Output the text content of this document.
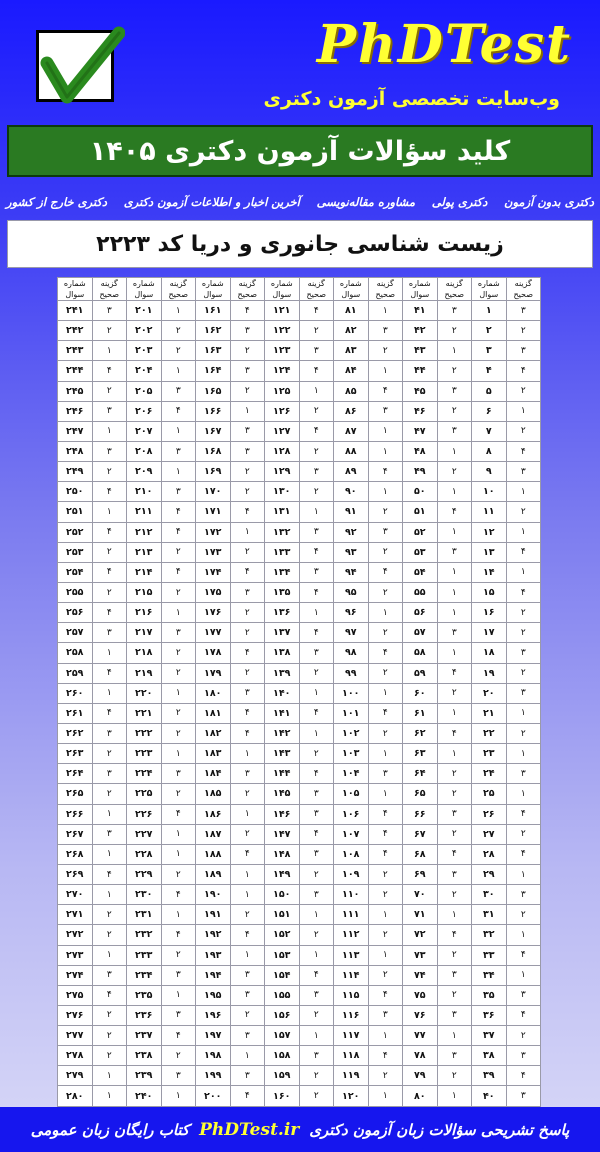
PhDTest
وب‌سایت تخصصی آزمون دکتری
کلید سؤالات آزمون دکتری ۱۴۰۵
دکتری بدون آزمون
دکتری پولی
مشاوره مقاله‌نویسی
آخرین اخبار و اطلاعات آزمون دکتری
دکتری خارج از کشور
زیست شناسی جانوری و دریا کد ۲۲۲۳
گزینه صحیح	شماره سوال	گزینه صحیح	شماره سوال	گزینه صحیح	شماره سوال	گزینه صحیح	شماره سوال	گزینه صحیح	شماره سوال	گزینه صحیح	شماره سوال	گزینه صحیح	شماره سوال
۳	۱	۳	۴۱	۱	۸۱	۴	۱۲۱	۴	۱۶۱	۱	۲۰۱	۳	۲۴۱
۲	۲	۲	۴۲	۳	۸۲	۲	۱۲۲	۳	۱۶۲	۲	۲۰۲	۲	۲۴۲
۳	۳	۱	۴۳	۲	۸۳	۳	۱۲۳	۲	۱۶۳	۲	۲۰۳	۱	۲۴۳
۴	۴	۲	۴۴	۱	۸۴	۴	۱۲۴	۳	۱۶۴	۱	۲۰۴	۴	۲۴۴
۲	۵	۳	۴۵	۴	۸۵	۱	۱۲۵	۲	۱۶۵	۳	۲۰۵	۲	۲۴۵
۱	۶	۲	۴۶	۳	۸۶	۲	۱۲۶	۱	۱۶۶	۴	۲۰۶	۳	۲۴۶
۲	۷	۳	۴۷	۱	۸۷	۴	۱۲۷	۳	۱۶۷	۱	۲۰۷	۱	۲۴۷
۴	۸	۱	۴۸	۱	۸۸	۲	۱۲۸	۳	۱۶۸	۳	۲۰۸	۳	۲۴۸
۳	۹	۲	۴۹	۴	۸۹	۳	۱۲۹	۲	۱۶۹	۱	۲۰۹	۲	۲۴۹
۱	۱۰	۱	۵۰	۱	۹۰	۲	۱۳۰	۲	۱۷۰	۳	۲۱۰	۴	۲۵۰
۲	۱۱	۴	۵۱	۲	۹۱	۱	۱۳۱	۴	۱۷۱	۴	۲۱۱	۱	۲۵۱
۱	۱۲	۱	۵۲	۳	۹۲	۳	۱۳۲	۱	۱۷۲	۴	۲۱۲	۴	۲۵۲
۴	۱۳	۳	۵۳	۲	۹۳	۴	۱۳۳	۲	۱۷۳	۲	۲۱۳	۲	۲۵۳
۱	۱۴	۱	۵۴	۴	۹۴	۳	۱۳۴	۴	۱۷۴	۴	۲۱۴	۴	۲۵۴
۴	۱۵	۱	۵۵	۲	۹۵	۴	۱۳۵	۳	۱۷۵	۲	۲۱۵	۲	۲۵۵
۲	۱۶	۱	۵۶	۱	۹۶	۱	۱۳۶	۲	۱۷۶	۱	۲۱۶	۴	۲۵۶
۲	۱۷	۳	۵۷	۲	۹۷	۴	۱۳۷	۲	۱۷۷	۳	۲۱۷	۳	۲۵۷
۳	۱۸	۱	۵۸	۴	۹۸	۳	۱۳۸	۴	۱۷۸	۲	۲۱۸	۱	۲۵۸
۲	۱۹	۴	۵۹	۲	۹۹	۲	۱۳۹	۲	۱۷۹	۲	۲۱۹	۴	۲۵۹
۳	۲۰	۲	۶۰	۱	۱۰۰	۱	۱۴۰	۳	۱۸۰	۱	۲۲۰	۱	۲۶۰
۱	۲۱	۱	۶۱	۴	۱۰۱	۴	۱۴۱	۴	۱۸۱	۲	۲۲۱	۴	۲۶۱
۲	۲۲	۴	۶۲	۲	۱۰۲	۱	۱۴۲	۴	۱۸۲	۲	۲۲۲	۳	۲۶۲
۱	۲۳	۱	۶۳	۱	۱۰۳	۲	۱۴۳	۱	۱۸۳	۱	۲۲۳	۲	۲۶۳
۳	۲۴	۲	۶۴	۳	۱۰۴	۴	۱۴۴	۳	۱۸۴	۳	۲۲۴	۳	۲۶۴
۱	۲۵	۲	۶۵	۱	۱۰۵	۳	۱۴۵	۲	۱۸۵	۲	۲۲۵	۲	۲۶۵
۴	۲۶	۳	۶۶	۴	۱۰۶	۳	۱۴۶	۱	۱۸۶	۴	۲۲۶	۱	۲۶۶
۲	۲۷	۲	۶۷	۴	۱۰۷	۴	۱۴۷	۲	۱۸۷	۱	۲۲۷	۳	۲۶۷
۴	۲۸	۴	۶۸	۴	۱۰۸	۳	۱۴۸	۴	۱۸۸	۱	۲۲۸	۱	۲۶۸
۱	۲۹	۳	۶۹	۲	۱۰۹	۲	۱۴۹	۱	۱۸۹	۲	۲۲۹	۴	۲۶۹
۳	۳۰	۲	۷۰	۲	۱۱۰	۳	۱۵۰	۱	۱۹۰	۴	۲۳۰	۱	۲۷۰
۲	۳۱	۱	۷۱	۱	۱۱۱	۱	۱۵۱	۲	۱۹۱	۱	۲۳۱	۲	۲۷۱
۱	۳۲	۴	۷۲	۲	۱۱۲	۲	۱۵۲	۴	۱۹۲	۴	۲۳۲	۲	۲۷۲
۴	۳۳	۲	۷۳	۱	۱۱۳	۱	۱۵۳	۱	۱۹۳	۲	۲۳۳	۱	۲۷۳
۱	۳۴	۳	۷۴	۲	۱۱۴	۴	۱۵۴	۳	۱۹۴	۳	۲۳۴	۳	۲۷۴
۳	۳۵	۲	۷۵	۴	۱۱۵	۳	۱۵۵	۳	۱۹۵	۱	۲۳۵	۴	۲۷۵
۴	۳۶	۳	۷۶	۳	۱۱۶	۲	۱۵۶	۲	۱۹۶	۳	۲۳۶	۲	۲۷۶
۲	۳۷	۱	۷۷	۱	۱۱۷	۱	۱۵۷	۳	۱۹۷	۴	۲۳۷	۲	۲۷۷
۳	۳۸	۳	۷۸	۴	۱۱۸	۳	۱۵۸	۱	۱۹۸	۲	۲۳۸	۲	۲۷۸
۴	۳۹	۲	۷۹	۲	۱۱۹	۲	۱۵۹	۳	۱۹۹	۳	۲۳۹	۱	۲۷۹
۳	۴۰	۱	۸۰	۱	۱۲۰	۲	۱۶۰	۴	۲۰۰	۱	۲۴۰	۱	۲۸۰
پاسخ تشریحی سؤالات زبان آزمون دکتری
PhDTest.ir
کتاب رایگان زبان عمومی
